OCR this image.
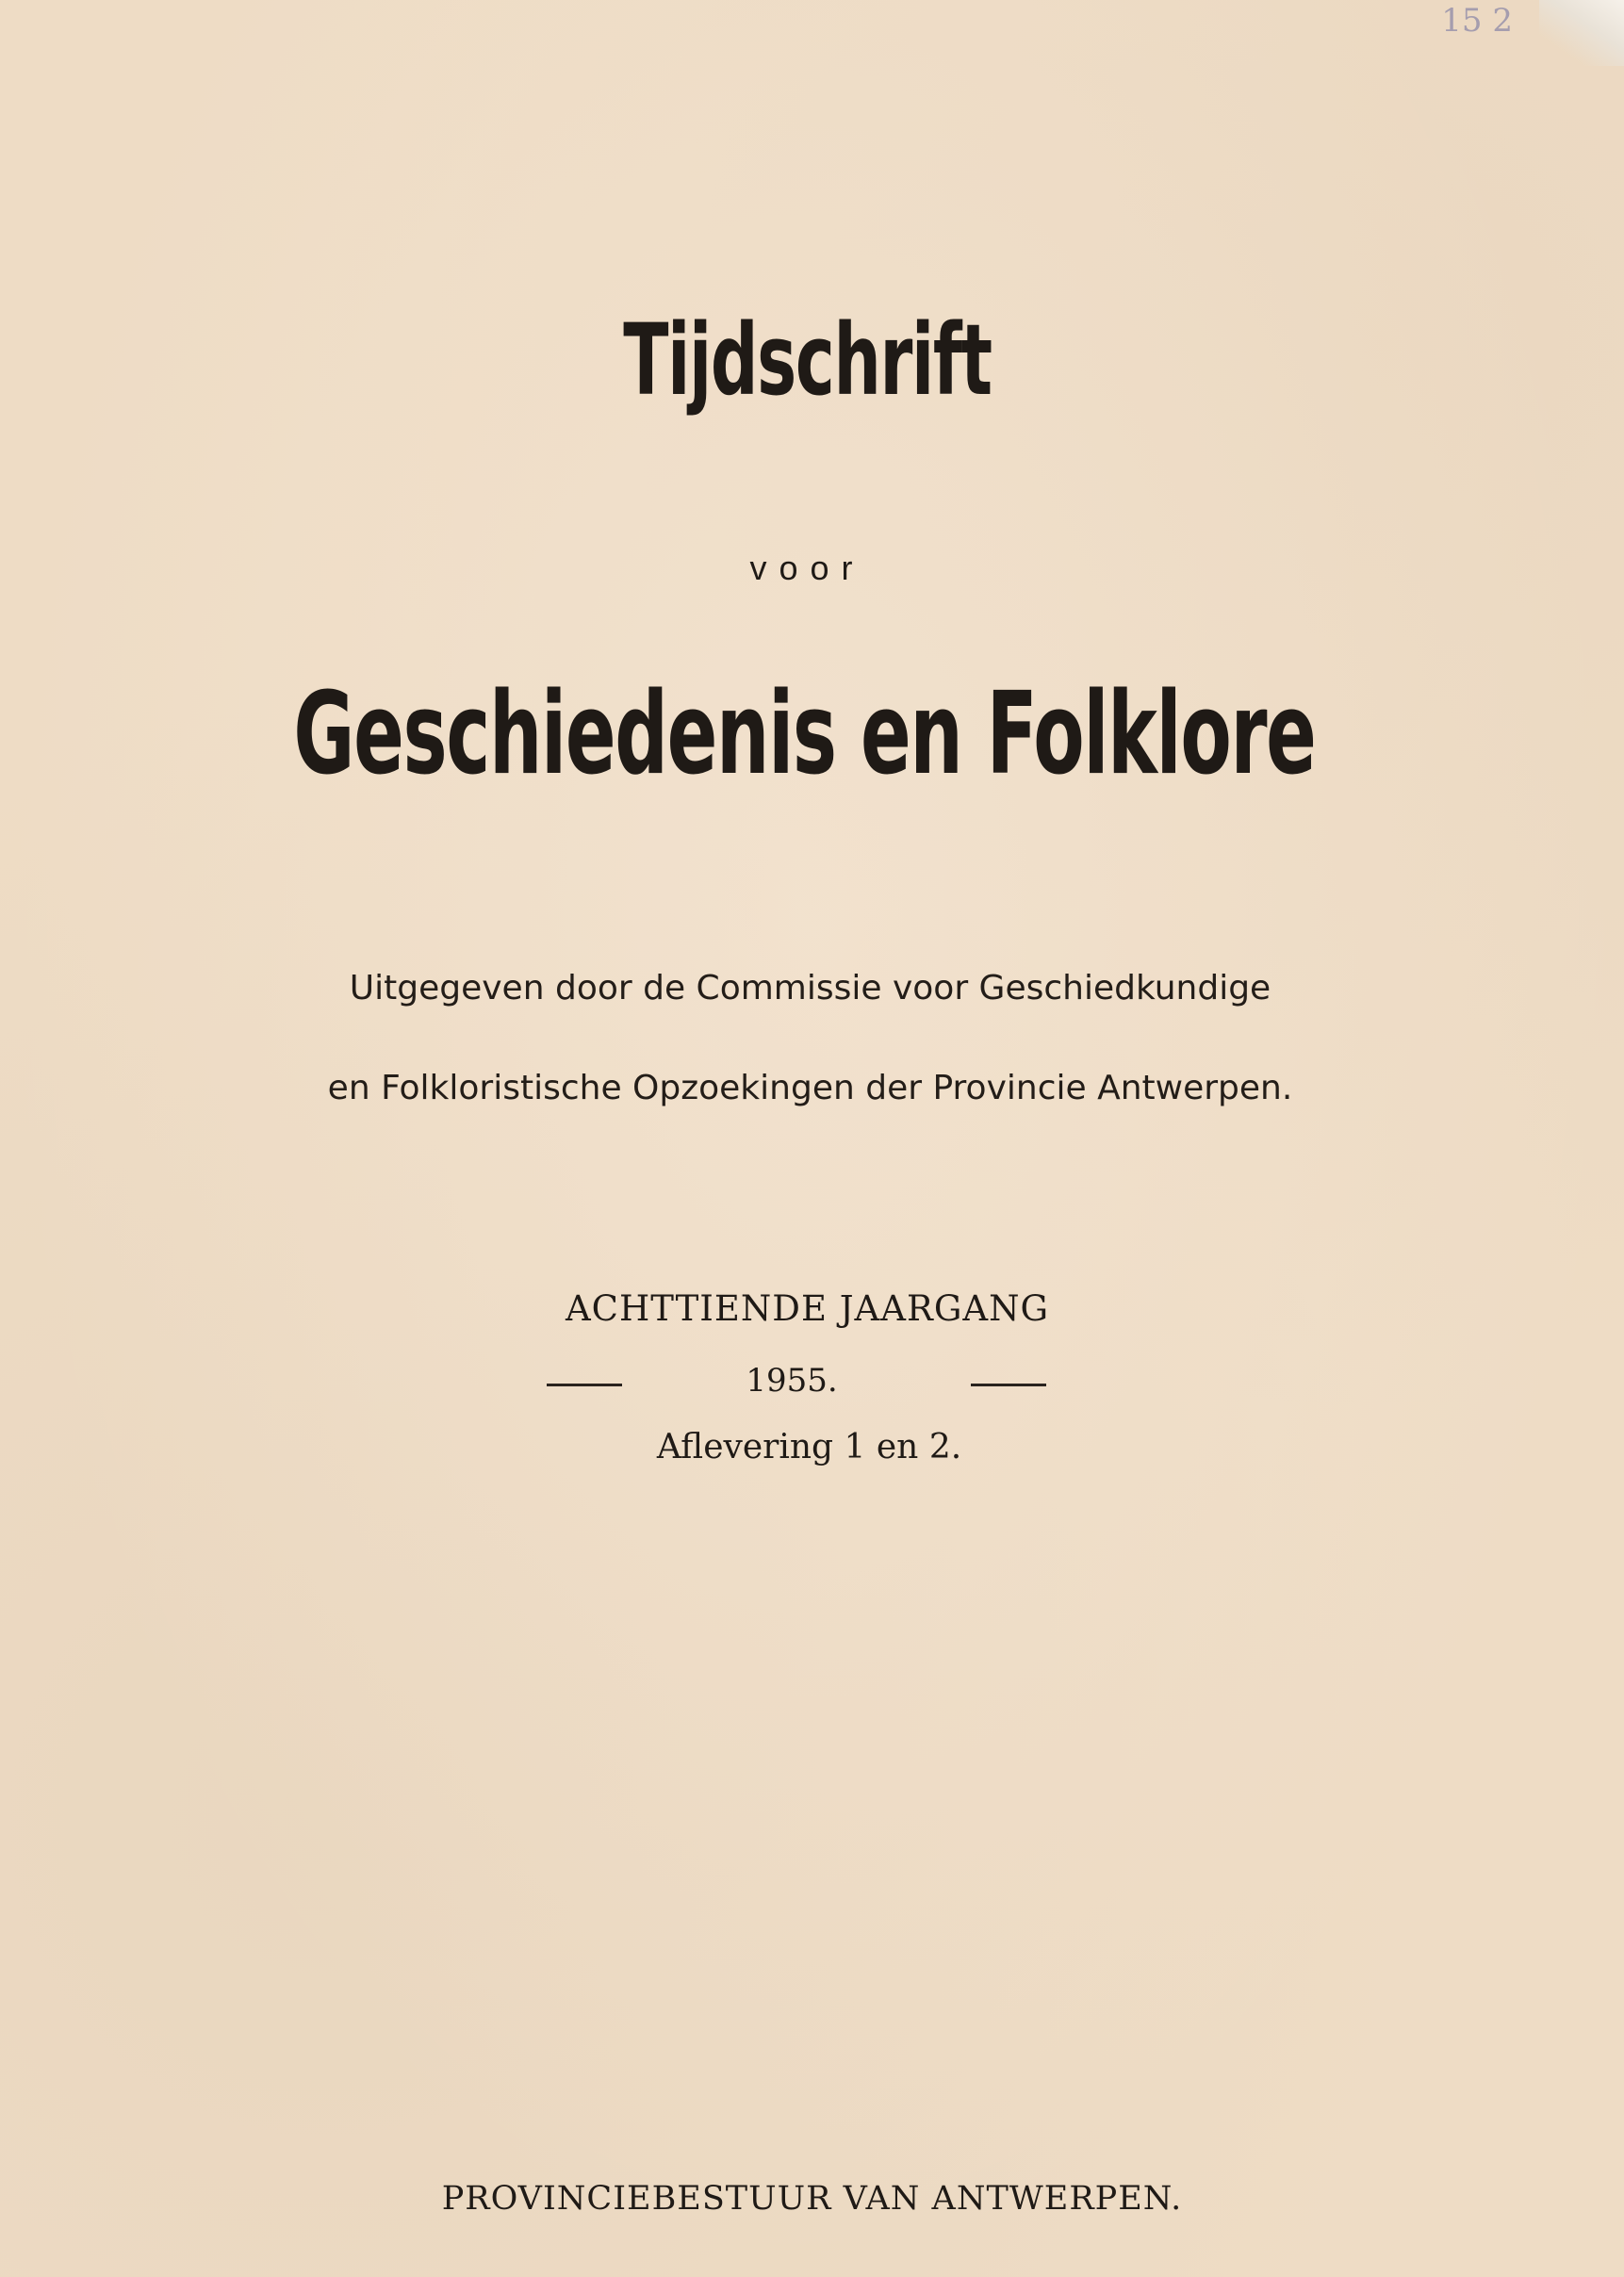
15 2
Tijdschrift
voor
Geschiedenis en Folklore
Uitgegeven door de Commissie voor Geschiedkundige
en Folkloristische Opzoekingen der Provincie Antwerpen.
ACHTTIENDE JAARGANG
1955.
Aflevering 1 en 2.
PROVINCIEBESTUUR VAN ANTWERPEN.
